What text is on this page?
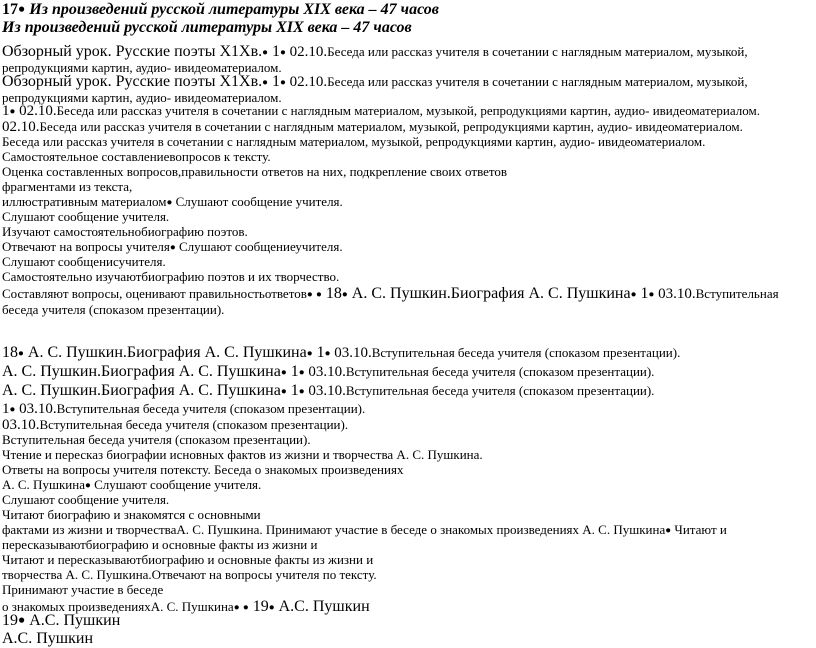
17● Из произведений русской литературы XIX века – 47 часов

Из произведений русской литературы XIX века – 47 часов

Обзорный урок. Русские поэты Х1Хв.● 1● 02.10.Беседа или рассказ учителя в сочетании с наглядным материалом, музыкой, репродукциями картин, аудио- ивидеоматериалом.

Обзорный урок. Русские поэты Х1Хв.● 1● 02.10.Беседа или рассказ учителя в сочетании с наглядным материалом, музыкой, репродукциями картин, аудио- ивидеоматериалом.

1● 02.10.Беседа или рассказ учителя в сочетании с наглядным материалом, музыкой, репродукциями картин, аудио- ивидеоматериалом.

02.10.Беседа или рассказ учителя в сочетании с наглядным материалом, музыкой, репродукциями картин, аудио- ивидеоматериалом.

Беседа или рассказ учителя в сочетании с наглядным материалом, музыкой, репродукциями картин, аудио- ивидеоматериалом.

Самостоятельное составлениевопросов к тексту.

Оценка составленных вопросов,правильности ответов на них, подкрепление своих ответов

фрагментами из текста,

иллюстративным материалом● Слушают сообщение учителя.

Слушают сообщение учителя.

Изучают самостоятельнобиографию поэтов.

Отвечают на вопросы учителя● Слушают сообщениеучителя.

Слушают сообщенисучителя.

Самостоятельно изучаютбиографию поэтов и их творчество.

Составляют вопросы, оценивают правильностьответов● ● 18● А. С. Пушкин.Биография А. С. Пушкина● 1● 03.10.Вступительная беседа учителя (споказом презентации).

18● А. С. Пушкин.Биография А. С. Пушкина● 1● 03.10.Вступительная беседа учителя (споказом презентации).

А. С. Пушкин.Биография А. С. Пушкина● 1● 03.10.Вступительная беседа учителя (споказом презентации).

А. С. Пушкин.Биография А. С. Пушкина● 1● 03.10.Вступительная беседа учителя (споказом презентации).

1● 03.10.Вступительная беседа учителя (споказом презентации).

03.10.Вступительная беседа учителя (споказом презентации).

Вступительная беседа учителя (споказом презентации).

Чтение и пересказ биографии исновных фактов из жизни и творчества А. С. Пушкина.

Ответы на вопросы учителя потексту. Беседа о знакомых произведениях

А. С. Пушкина● Слушают сообщение учителя.

Слушают сообщение учителя.

Читают биографию и знакомятся с основными

фактами из жизни и творчестваА. С. Пушкина. Принимают участие в беседе о знакомых произведениях А. С. Пушкина● Читают и пересказываютбиографию и основные факты из жизни и

Читают и пересказываютбиографию и основные факты из жизни и

творчества А. С. Пушкина.Отвечают на вопросы учителя по тексту.

Принимают участие в беседе

о знакомых произведенияхА. С. Пушкина● ● 19● А.С. Пушкин

19● А.С. Пушкин

А.С. Пушкин
